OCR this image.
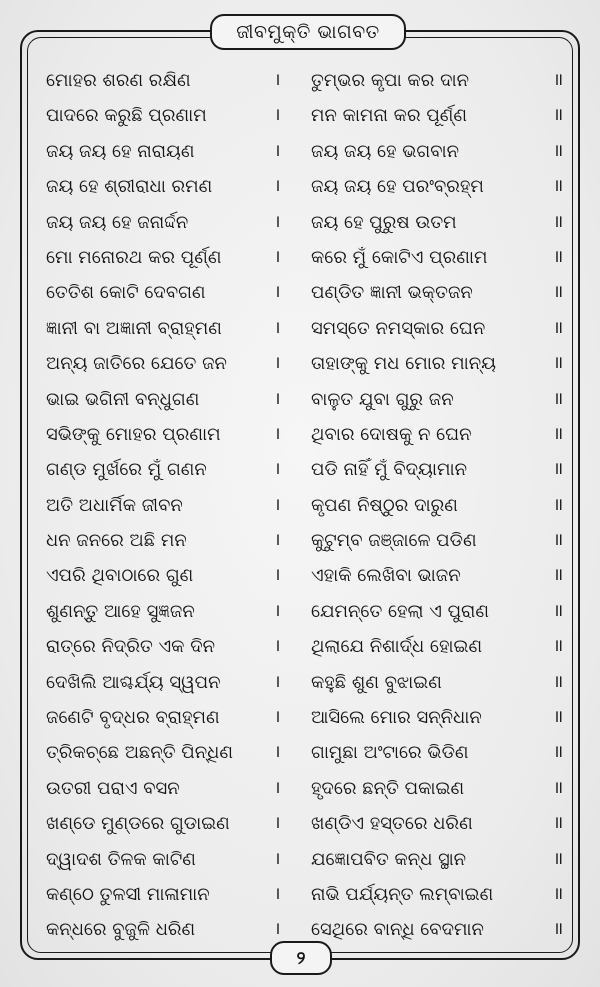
ଜୀବମୁକ୍ତି ଭାଗବତ
ମୋହର ଶରଣ ରକ୍ଷିଣ	। ତୁମ୍ଭର କୃପା କର ଦାନ	॥
ପାଦରେ କରୁଛି ପ୍ରଣାମ	। ମନ କାମନା କର ପୂର୍ଣ୍ଣ	॥
ଜୟ ଜୟ ହେ ନାରାୟଣ	। ଜୟ ଜୟ ହେ ଭଗବାନ	॥
ଜୟ ହେ ଶ୍ରୀରାଧା ରମଣ	। ଜୟ ଜୟ ହେ ପରଂବ୍ରହ୍ମ	॥
ଜୟ ଜୟ ହେ ଜନାର୍ଦ୍ଦନ	। ଜୟ ହେ ପୁରୁଷ ଉତମ	॥
ମୋ ମନୋରଥ କର ପୂର୍ଣ୍ଣ	। କରେ ମୁଁ କୋଟିଏ ପ୍ରଣାମ	॥
ତେତିଶ କୋଟି ଦେବଗଣ	। ପଣ୍ଡିତ ଜ୍ଞାନୀ ଭକ୍ତଜନ	॥
ଜ୍ଞାନୀ ବା ଅଜ୍ଞାନୀ ବ୍ରାହ୍ମଣ	। ସମସ୍ତେ ନମସ୍କାର ଘେନ	॥
ଅନ୍ୟ ଜାତିରେ ଯେତେ ଜନ	। ତାହାଙ୍କୁ ମଧ ମୋର ମାନ୍ୟ	॥
ଭାଇ ଭଗିନୀ ବନ୍ଧୁଗଣ	। ବାଳୁତ ଯୁବା ଗୁରୁ ଜନ	॥
ସଭିଙ୍କୁ ମୋହର ପ୍ରଣାମ	। ଥିବାର ଦୋଷକୁ ନ ଘେନ	॥
ଗଣ୍ଡ ମୁର୍ଖରେ ମୁଁ ଗଣନ	। ପଡି ନାହିଁ ମୁଁ ବିଦ୍ୟାମାନ	॥
ଅତି ଅଧାର୍ମିକ ଜୀବନ	। କୃପଣ ନିଷ୍ଠୁର ଦାରୁଣ	॥
ଧନ ଜନରେ ଅଛି ମନ	। କୁଟୁମ୍ବ ଜଞ୍ଜାଳେ ପଡିଣ	॥
ଏପରି ଥିବାଠାରେ ଗୁଣ	। ଏହାକି ଲେଖିବା ଭାଜନ	॥
ଶୁଣନ୍ତୁ ଆହେ ସୁଜ୍ଞଜନ	। ଯେମନ୍ତେ ହେଲା ଏ ପୁରାଣ	॥
ରାତ୍ରେ ନିଦ୍ରିତ ଏକ ଦିନ	। ଥିଲାଯେ ନିଶାର୍ଦ୍ଧ ହୋଇଣ	॥
ଦେଖିଲି ଆଶ୍ଚର୍ଯ୍ୟ ସ୍ୱପନ	। କହୁଛି ଶୁଣ ବୁଝାଇଣ	॥
ଜଣେଟି ବୃଦ୍ଧର ବ୍ରାହ୍ମଣ	। ଆସିଲେ ମୋର ସନ୍ନିଧାନ	॥
ତ୍ରିକଚ୍ଛେ ଅଛନ୍ତି ପିନ୍ଧିଣ । ଗାମୁଛା ଅଂଟାରେ ଭିଡିଣ	॥
ଉତରୀ ପରାଏ ବସନ	। ହୃଦରେ ଛନ୍ତି ପକାଇଣ	॥
ଖଣ୍ଡେ ମୁଣ୍ଡରେ ଗୁଡାଇଣ	। ଖଣ୍ଡିଏ ହସ୍ତରେ ଧରିଣ	॥
ଦ୍ୱାଦଶ ତିଳକ କାଟିଣ	। ଯଜ୍ଞୋପବିତ କନ୍ଧ ସ୍ଥାନ	॥
କଣ୍ଠେ ତୁଳସୀ ମାଳାମାନ	। ନାଭି ପର୍ଯ୍ୟନ୍ତ ଲମ୍ବାଇଣ	॥
କନ୍ଧରେ ବୁଜୁଳି ଧରିଣ	। ସେଥିରେ ବାନ୍ଧି ବେଦମାନ	॥
୨
